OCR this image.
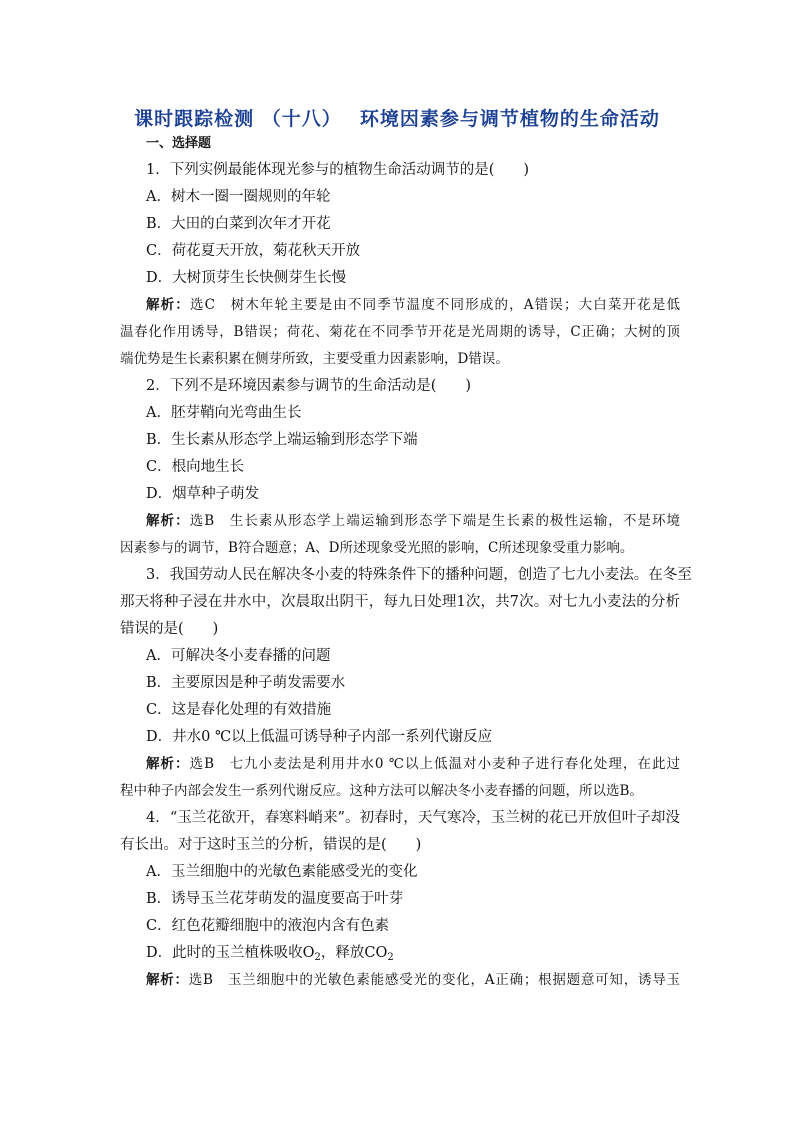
课时跟踪检测 （十八）　 环境因素参与调节植物的生命活动
一、选择题
1．下列实例最能体现光参与的植物生命活动调节的是(　　)
A．树木一圈一圈规则的年轮
B．大田的白菜到次年才开花
C．荷花夏天开放，菊花秋天开放
D．大树顶芽生长快侧芽生长慢
解析：选C　树木年轮主要是由不同季节温度不同形成的，A错误；大白菜开花是低
温春化作用诱导，B错误；荷花、菊花在不同季节开花是光周期的诱导，C正确；大树的顶
端优势是生长素积累在侧芽所致，主要受重力因素影响，D错误。
2．下列不是环境因素参与调节的生命活动是(　　)
A．胚芽鞘向光弯曲生长
B．生长素从形态学上端运输到形态学下端
C．根向地生长
D．烟草种子萌发
解析：选B　生长素从形态学上端运输到形态学下端是生长素的极性运输，不是环境
因素参与的调节，B符合题意；A、D所述现象受光照的影响，C所述现象受重力影响。
3．我国劳动人民在解决冬小麦的特殊条件下的播种问题，创造了七九小麦法。在冬至
那天将种子浸在井水中，次晨取出阴干，每九日处理1次，共7次。对七九小麦法的分析
错误的是(　　)
A．可解决冬小麦春播的问题
B．主要原因是种子萌发需要水
C．这是春化处理的有效措施
D．井水0 ℃以上低温可诱导种子内部一系列代谢反应
解析：选B　七九小麦法是利用井水0 ℃以上低温对小麦种子进行春化处理，在此过
程中种子内部会发生一系列代谢反应。这种方法可以解决冬小麦春播的问题，所以选B。
4．“玉兰花欲开，春寒料峭来”。初春时，天气寒冷，玉兰树的花已开放但叶子却没
有长出。对于这时玉兰的分析，错误的是(　　)
A．玉兰细胞中的光敏色素能感受光的变化
B．诱导玉兰花芽萌发的温度要高于叶芽
C．红色花瓣细胞中的液泡内含有色素
D．此时的玉兰植株吸收$O_2$，释放$CO_2$
解析：选B　玉兰细胞中的光敏色素能感受光的变化，A正确；根据题意可知，诱导玉
